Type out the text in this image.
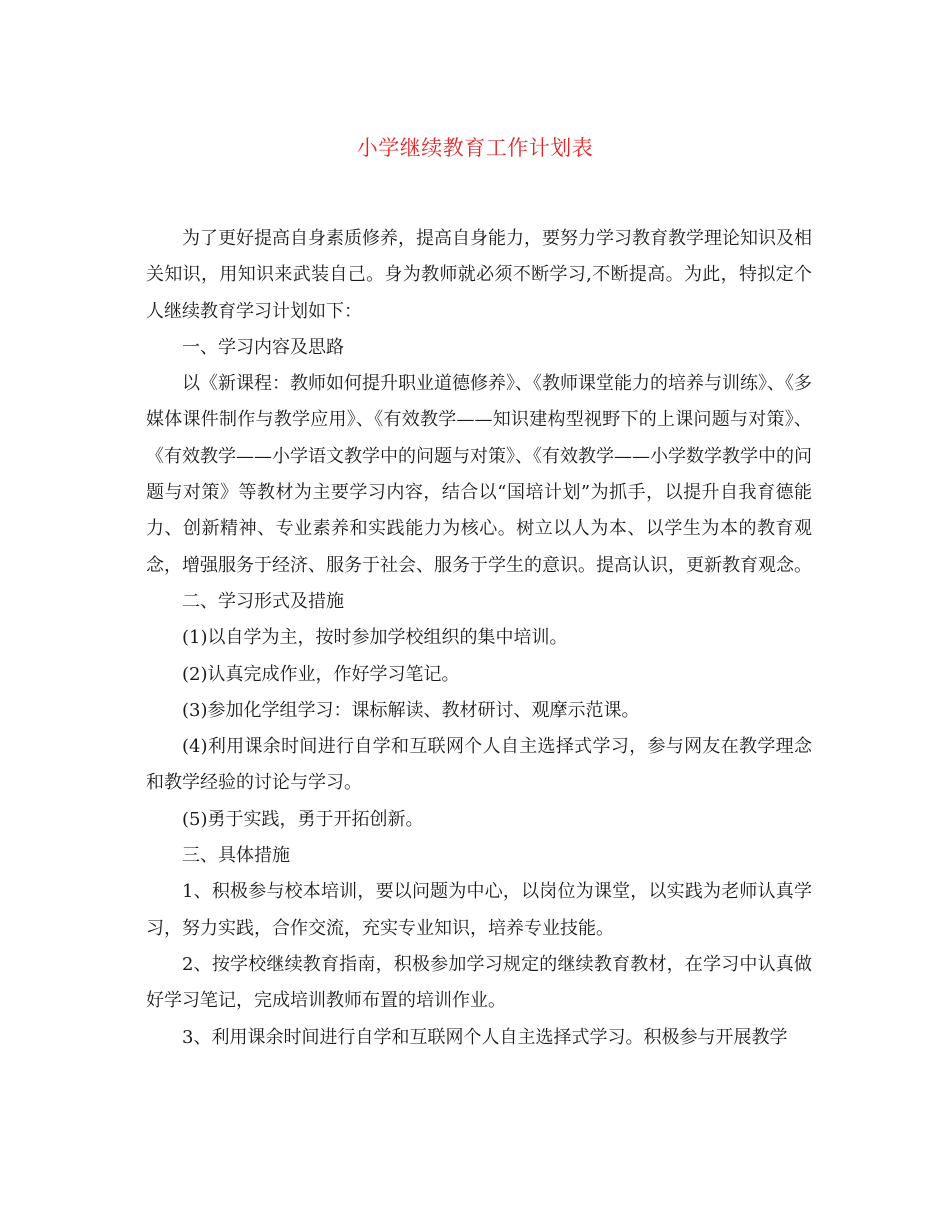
小学继续教育工作计划表

为了更好提高自身素质修养，提高自身能力，要努力学习教育教学理论知识及相关知识，用知识来武装自己。身为教师就必须不断学习,不断提高。为此，特拟定个人继续教育学习计划如下：

一、学习内容及思路

以《新课程：教师如何提升职业道德修养》、《教师课堂能力的培养与训练》、《多媒体课件制作与教学应用》、《有效教学——知识建构型视野下的上课问题与对策》、《有效教学——小学语文教学中的问题与对策》、《有效教学——小学数学教学中的问题与对策》等教材为主要学习内容，结合以“国培计划”为抓手，以提升自我育德能力、创新精神、专业素养和实践能力为核心。树立以人为本、以学生为本的教育观念，增强服务于经济、服务于社会、服务于学生的意识。提高认识，更新教育观念。

二、学习形式及措施

(1)以自学为主，按时参加学校组织的集中培训。

(2)认真完成作业，作好学习笔记。

(3)参加化学组学习：课标解读、教材研讨、观摩示范课。

(4)利用课余时间进行自学和互联网个人自主选择式学习，参与网友在教学理念和教学经验的讨论与学习。

(5)勇于实践，勇于开拓创新。

三、具体措施

1、积极参与校本培训，要以问题为中心，以岗位为课堂，以实践为老师认真学习，努力实践，合作交流，充实专业知识，培养专业技能。

2、按学校继续教育指南，积极参加学习规定的继续教育教材，在学习中认真做好学习笔记，完成培训教师布置的培训作业。

3、利用课余时间进行自学和互联网个人自主选择式学习。积极参与开展教学
